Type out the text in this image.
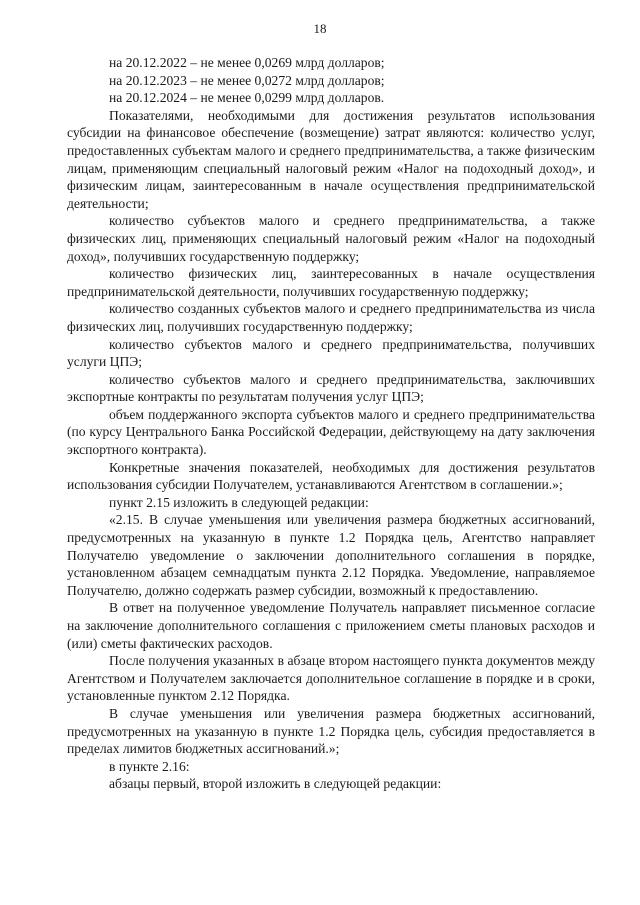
18

на 20.12.2022 – не менее 0,0269 млрд долларов;

на 20.12.2023 – не менее 0,0272 млрд долларов;

на 20.12.2024 – не менее 0,0299 млрд долларов.

Показателями, необходимыми для достижения результатов использования субсидии на финансовое обеспечение (возмещение) затрат являются: количество услуг, предоставленных субъектам малого и среднего предпринимательства, а также физическим лицам, применяющим специальный налоговый режим «Налог на подоходный доход», и физическим лицам, заинтересованным в начале осуществления предпринимательской деятельности;

количество субъектов малого и среднего предпринимательства, а также физических лиц, применяющих специальный налоговый режим «Налог на подоходный доход», получивших государственную поддержку;

количество физических лиц, заинтересованных в начале осуществления предпринимательской деятельности, получивших государственную поддержку;

количество созданных субъектов малого и среднего предпринимательства из числа физических лиц, получивших государственную поддержку;

количество субъектов малого и среднего предпринимательства, получивших услуги ЦПЭ;

количество субъектов малого и среднего предпринимательства, заключивших экспортные контракты по результатам получения услуг ЦПЭ;

объем поддержанного экспорта субъектов малого и среднего предпринимательства (по курсу Центрального Банка Российской Федерации, действующему на дату заключения экспортного контракта).

Конкретные значения показателей, необходимых для достижения результатов использования субсидии Получателем, устанавливаются Агентством в соглашении.»;

пункт 2.15 изложить в следующей редакции:

«2.15. В случае уменьшения или увеличения размера бюджетных ассигнований, предусмотренных на указанную в пункте 1.2 Порядка цель, Агентство направляет Получателю уведомление о заключении дополнительного соглашения в порядке, установленном абзацем семнадцатым пункта 2.12 Порядка. Уведомление, направляемое Получателю, должно содержать размер субсидии, возможный к предоставлению.

В ответ на полученное уведомление Получатель направляет письменное согласие на заключение дополнительного соглашения с приложением сметы плановых расходов и (или) сметы фактических расходов.

После получения указанных в абзаце втором настоящего пункта документов между Агентством и Получателем заключается дополнительное соглашение в порядке и в сроки, установленные пунктом 2.12 Порядка.

В случае уменьшения или увеличения размера бюджетных ассигнований, предусмотренных на указанную в пункте 1.2 Порядка цель, субсидия предоставляется в пределах лимитов бюджетных ассигнований.»;

в пункте 2.16:

абзацы первый, второй изложить в следующей редакции:
